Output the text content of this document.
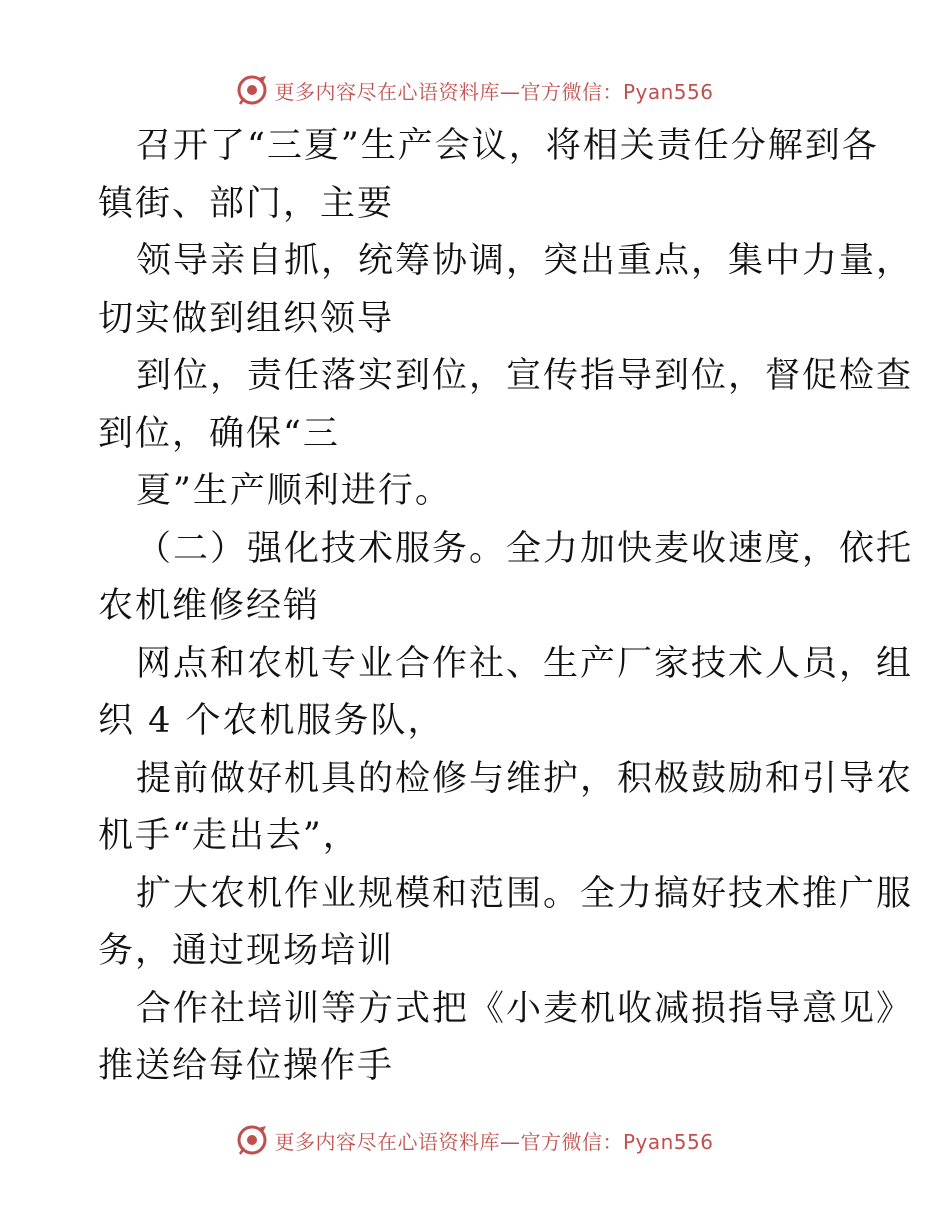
更多内容尽在心语资料库—官方微信：Pyan556

召开了“三夏”生产会议，将相关责任分解到各
镇街、部门，主要

领导亲自抓，统筹协调，突出重点，集中力量，
切实做到组织领导

到位，责任落实到位，宣传指导到位，督促检查
到位，确保“三

夏”生产顺利进行。

（二）强化技术服务。全力加快麦收速度，依托
农机维修经销

网点和农机专业合作社、生产厂家技术人员，组
织 4 个农机服务队，

提前做好机具的检修与维护，积极鼓励和引导农
机手“走出去”，

扩大农机作业规模和范围。全力搞好技术推广服
务，通过现场培训

合作社培训等方式把《小麦机收减损指导意见》
推送给每位操作手

更多内容尽在心语资料库—官方微信：Pyan556
